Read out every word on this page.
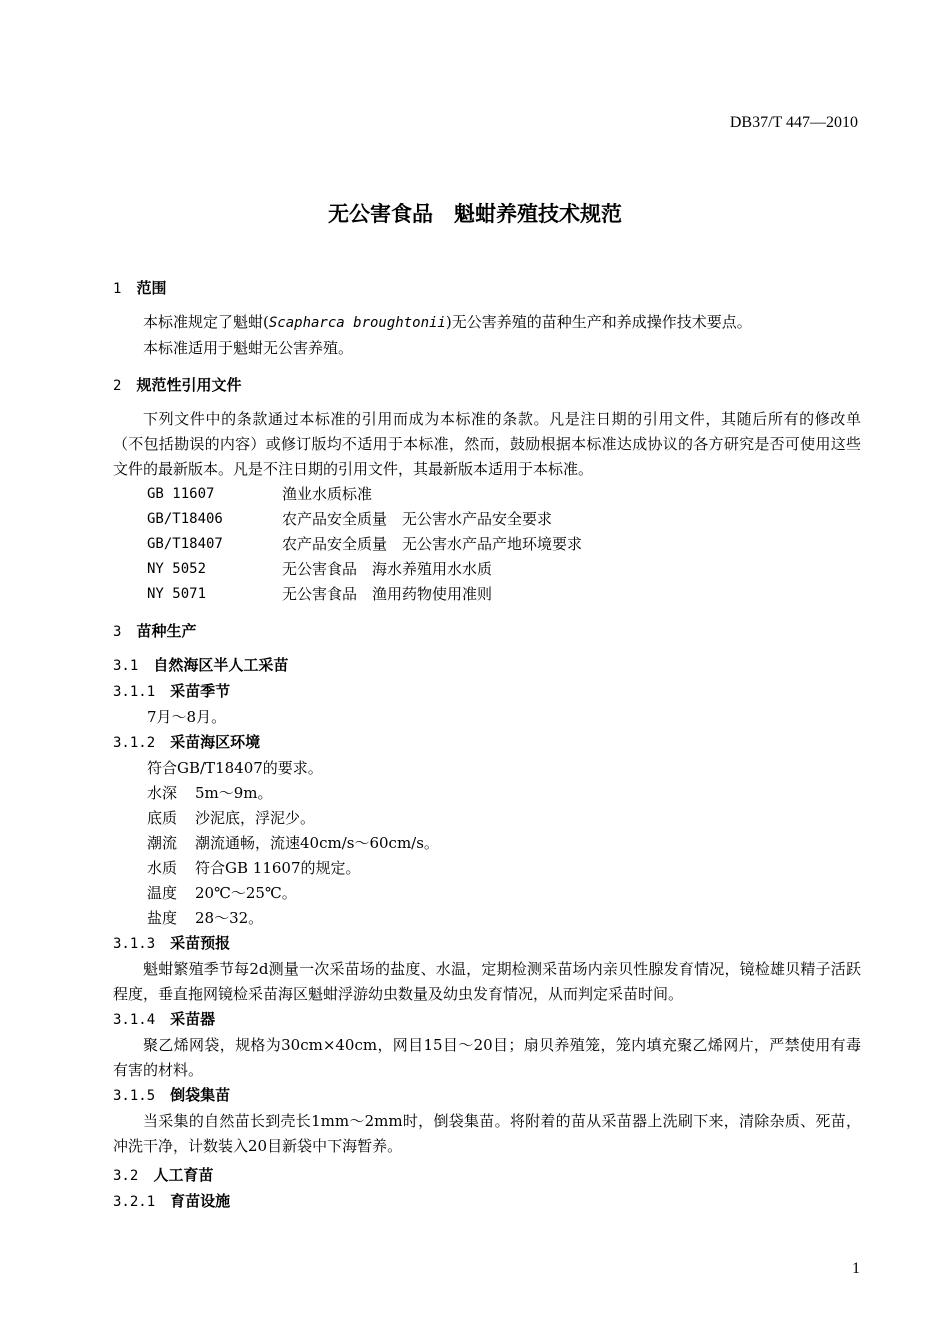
DB37/T 447—2010
无公害食品　魁蚶养殖技术规范
1　 范围
本标准规定了魁蚶(Scapharca broughtonii)无公害养殖的苗种生产和养成操作技术要点。
本标准适用于魁蚶无公害养殖。
2　 规范性引用文件
下列文件中的条款通过本标准的引用而成为本标准的条款。凡是注日期的引用文件，其随后所有的修改单（不包括勘误的内容）或修订版均不适用于本标准，然而，鼓励根据本标准达成协议的各方研究是否可使用这些文件的最新版本。凡是不注日期的引用文件，其最新版本适用于本标准。
GB 11607	渔业水质标准
GB/T18406	农产品安全质量　无公害水产品安全要求
GB/T18407	农产品安全质量　无公害水产品产地环境要求
NY 5052	无公害食品　海水养殖用水水质
NY 5071	无公害食品　渔用药物使用准则
3　 苗种生产
3.1　 自然海区半人工采苗
3.1.1　 采苗季节
7月～8月。
3.1.2　 采苗海区环境
符合GB/T18407的要求。
水深 5m～9m。
底质 沙泥底，浮泥少。
潮流 潮流通畅，流速40cm/s～60cm/s。
水质 符合GB 11607的规定。
温度 20℃～25℃。
盐度 28～32。
3.1.3　 采苗预报
魁蚶繁殖季节每2d测量一次采苗场的盐度、水温，定期检测采苗场内亲贝性腺发育情况，镜检雄贝精子活跃程度，垂直拖网镜检采苗海区魁蚶浮游幼虫数量及幼虫发育情况，从而判定采苗时间。
3.1.4　 采苗器
聚乙烯网袋，规格为30cm×40cm，网目15目～20目；扇贝养殖笼，笼内填充聚乙烯网片，严禁使用有毒有害的材料。
3.1.5　 倒袋集苗
当采集的自然苗长到壳长1mm～2mm时，倒袋集苗。将附着的苗从采苗器上洗刷下来，清除杂质、死苗，冲洗干净，计数装入20目新袋中下海暂养。
3.2　 人工育苗
3.2.1　 育苗设施
1
